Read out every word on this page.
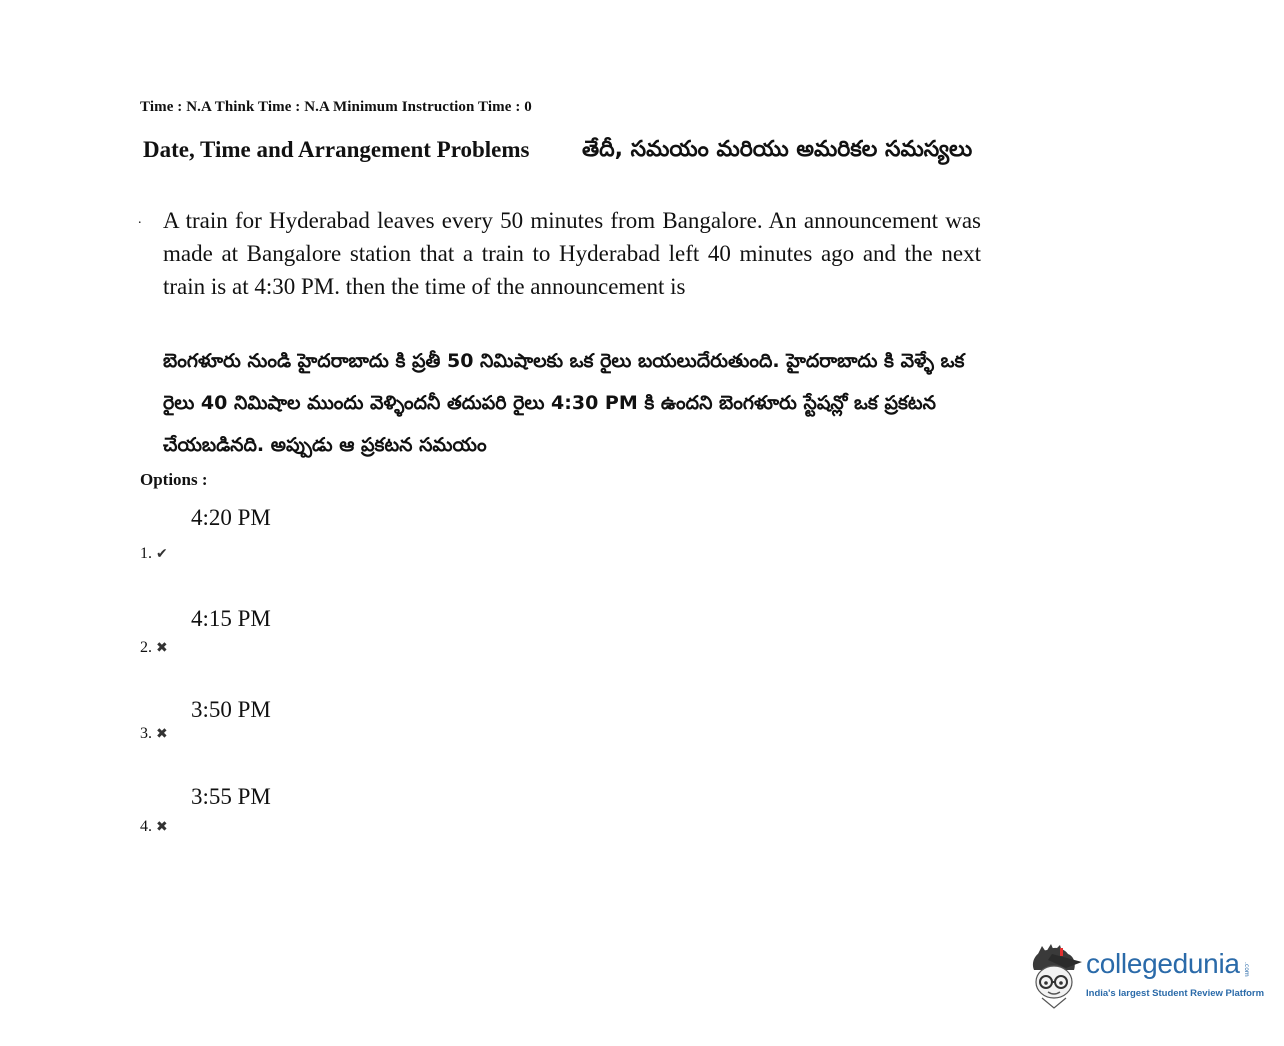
Time : N.A Think Time : N.A Minimum Instruction Time : 0
Date, Time and Arrangement Problems తేదీ, సమయం మరియు అమరికల సమస్యలు
. A train for Hyderabad leaves every 50 minutes from Bangalore. An announcement was made at Bangalore station that a train to Hyderabad left 40 minutes ago and the next train is at 4:30 PM. then the time of the announcement is
బెంగళూరు నుండి హైదరాబాదు కి ప్రతీ 50 నిమిషాలకు ఒక రైలు బయలుదేరుతుంది. హైదరాబాదు కి వెళ్ళే ఒక రైలు 40 నిమిషాల ముందు వెళ్ళిందనీ తదుపరి రైలు 4:30 PM కి ఉందని బెంగళూరు స్టేషన్లో ఒక ప్రకటన చేయబడినది. అప్పుడు ఆ ప్రకటన సమయం
Options :
4:20 PM
1. ✔
4:15 PM
2. ✖
3:50 PM
3. ✖
3:55 PM
4. ✖
collegedunia .com
India's largest Student Review Platform
